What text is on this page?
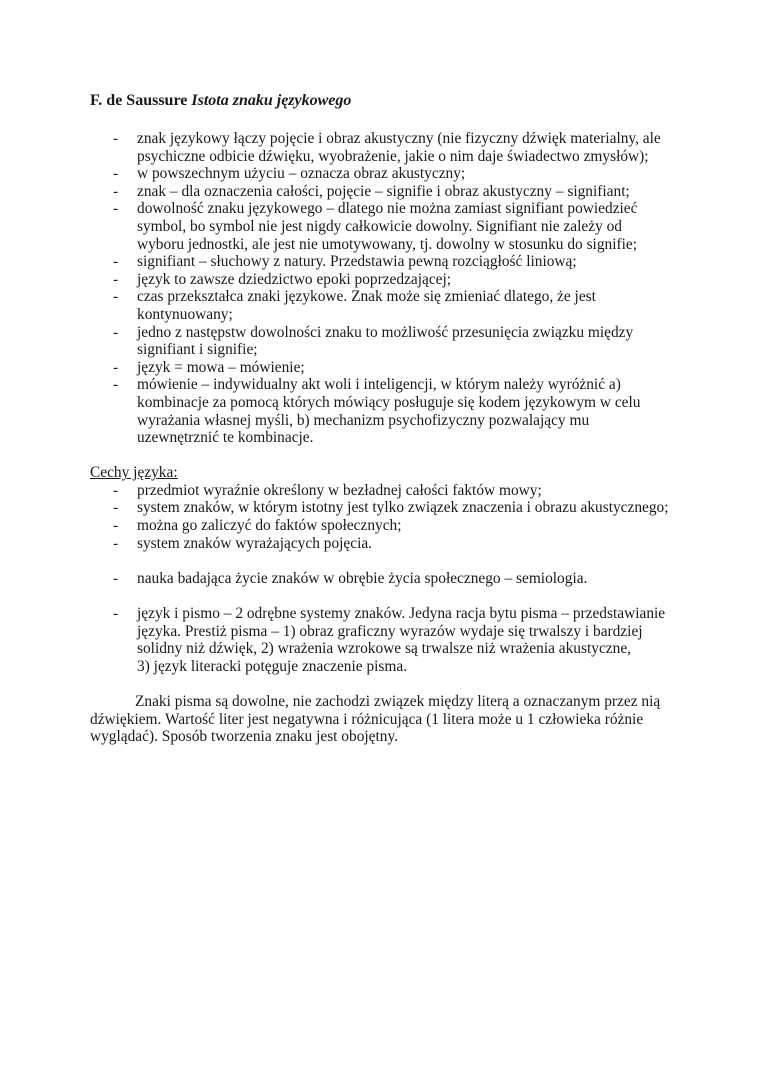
F. de Saussure Istota znaku językowego
- znak językowy łączy pojęcie i obraz akustyczny (nie fizyczny dźwięk materialny, ale
psychiczne odbicie dźwięku, wyobrażenie, jakie o nim daje świadectwo zmysłów);
- w powszechnym użyciu – oznacza obraz akustyczny;
- znak – dla oznaczenia całości, pojęcie – signifie i obraz akustyczny – signifiant;
- dowolność znaku językowego – dlatego nie można zamiast signifiant powiedzieć
symbol, bo symbol nie jest nigdy całkowicie dowolny. Signifiant nie zależy od
wyboru jednostki, ale jest nie umotywowany, tj. dowolny w stosunku do signifie;
- signifiant – słuchowy z natury. Przedstawia pewną rozciągłość liniową;
- język to zawsze dziedzictwo epoki poprzedzającej;
- czas przekształca znaki językowe. Znak może się zmieniać dlatego, że jest
kontynuowany;
- jedno z następstw dowolności znaku to możliwość przesunięcia związku między
signifiant i signifie;
- język = mowa – mówienie;
- mówienie – indywidualny akt woli i inteligencji, w którym należy wyróżnić a)
kombinacje za pomocą których mówiący posługuje się kodem językowym w celu
wyrażania własnej myśli, b) mechanizm psychofizyczny pozwalający mu
uzewnętrznić te kombinacje.
Cechy języka:
- przedmiot wyraźnie określony w bezładnej całości faktów mowy;
- system znaków, w którym istotny jest tylko związek znaczenia i obrazu akustycznego;
- można go zaliczyć do faktów społecznych;
- system znaków wyrażających pojęcia.
- nauka badająca życie znaków w obrębie życia społecznego – semiologia.
- język i pismo – 2 odrębne systemy znaków. Jedyna racja bytu pisma – przedstawianie
języka. Prestiż pisma – 1) obraz graficzny wyrazów wydaje się trwalszy i bardziej
solidny niż dźwięk, 2) wrażenia wzrokowe są trwalsze niż wrażenia akustyczne,
3) język literacki potęguje znaczenie pisma.

Znaki pisma są dowolne, nie zachodzi związek między literą a oznaczanym przez nią

dźwiękiem. Wartość liter jest negatywna i różnicująca (1 litera może u 1 człowieka różnie

wyglądać). Sposób tworzenia znaku jest obojętny.
